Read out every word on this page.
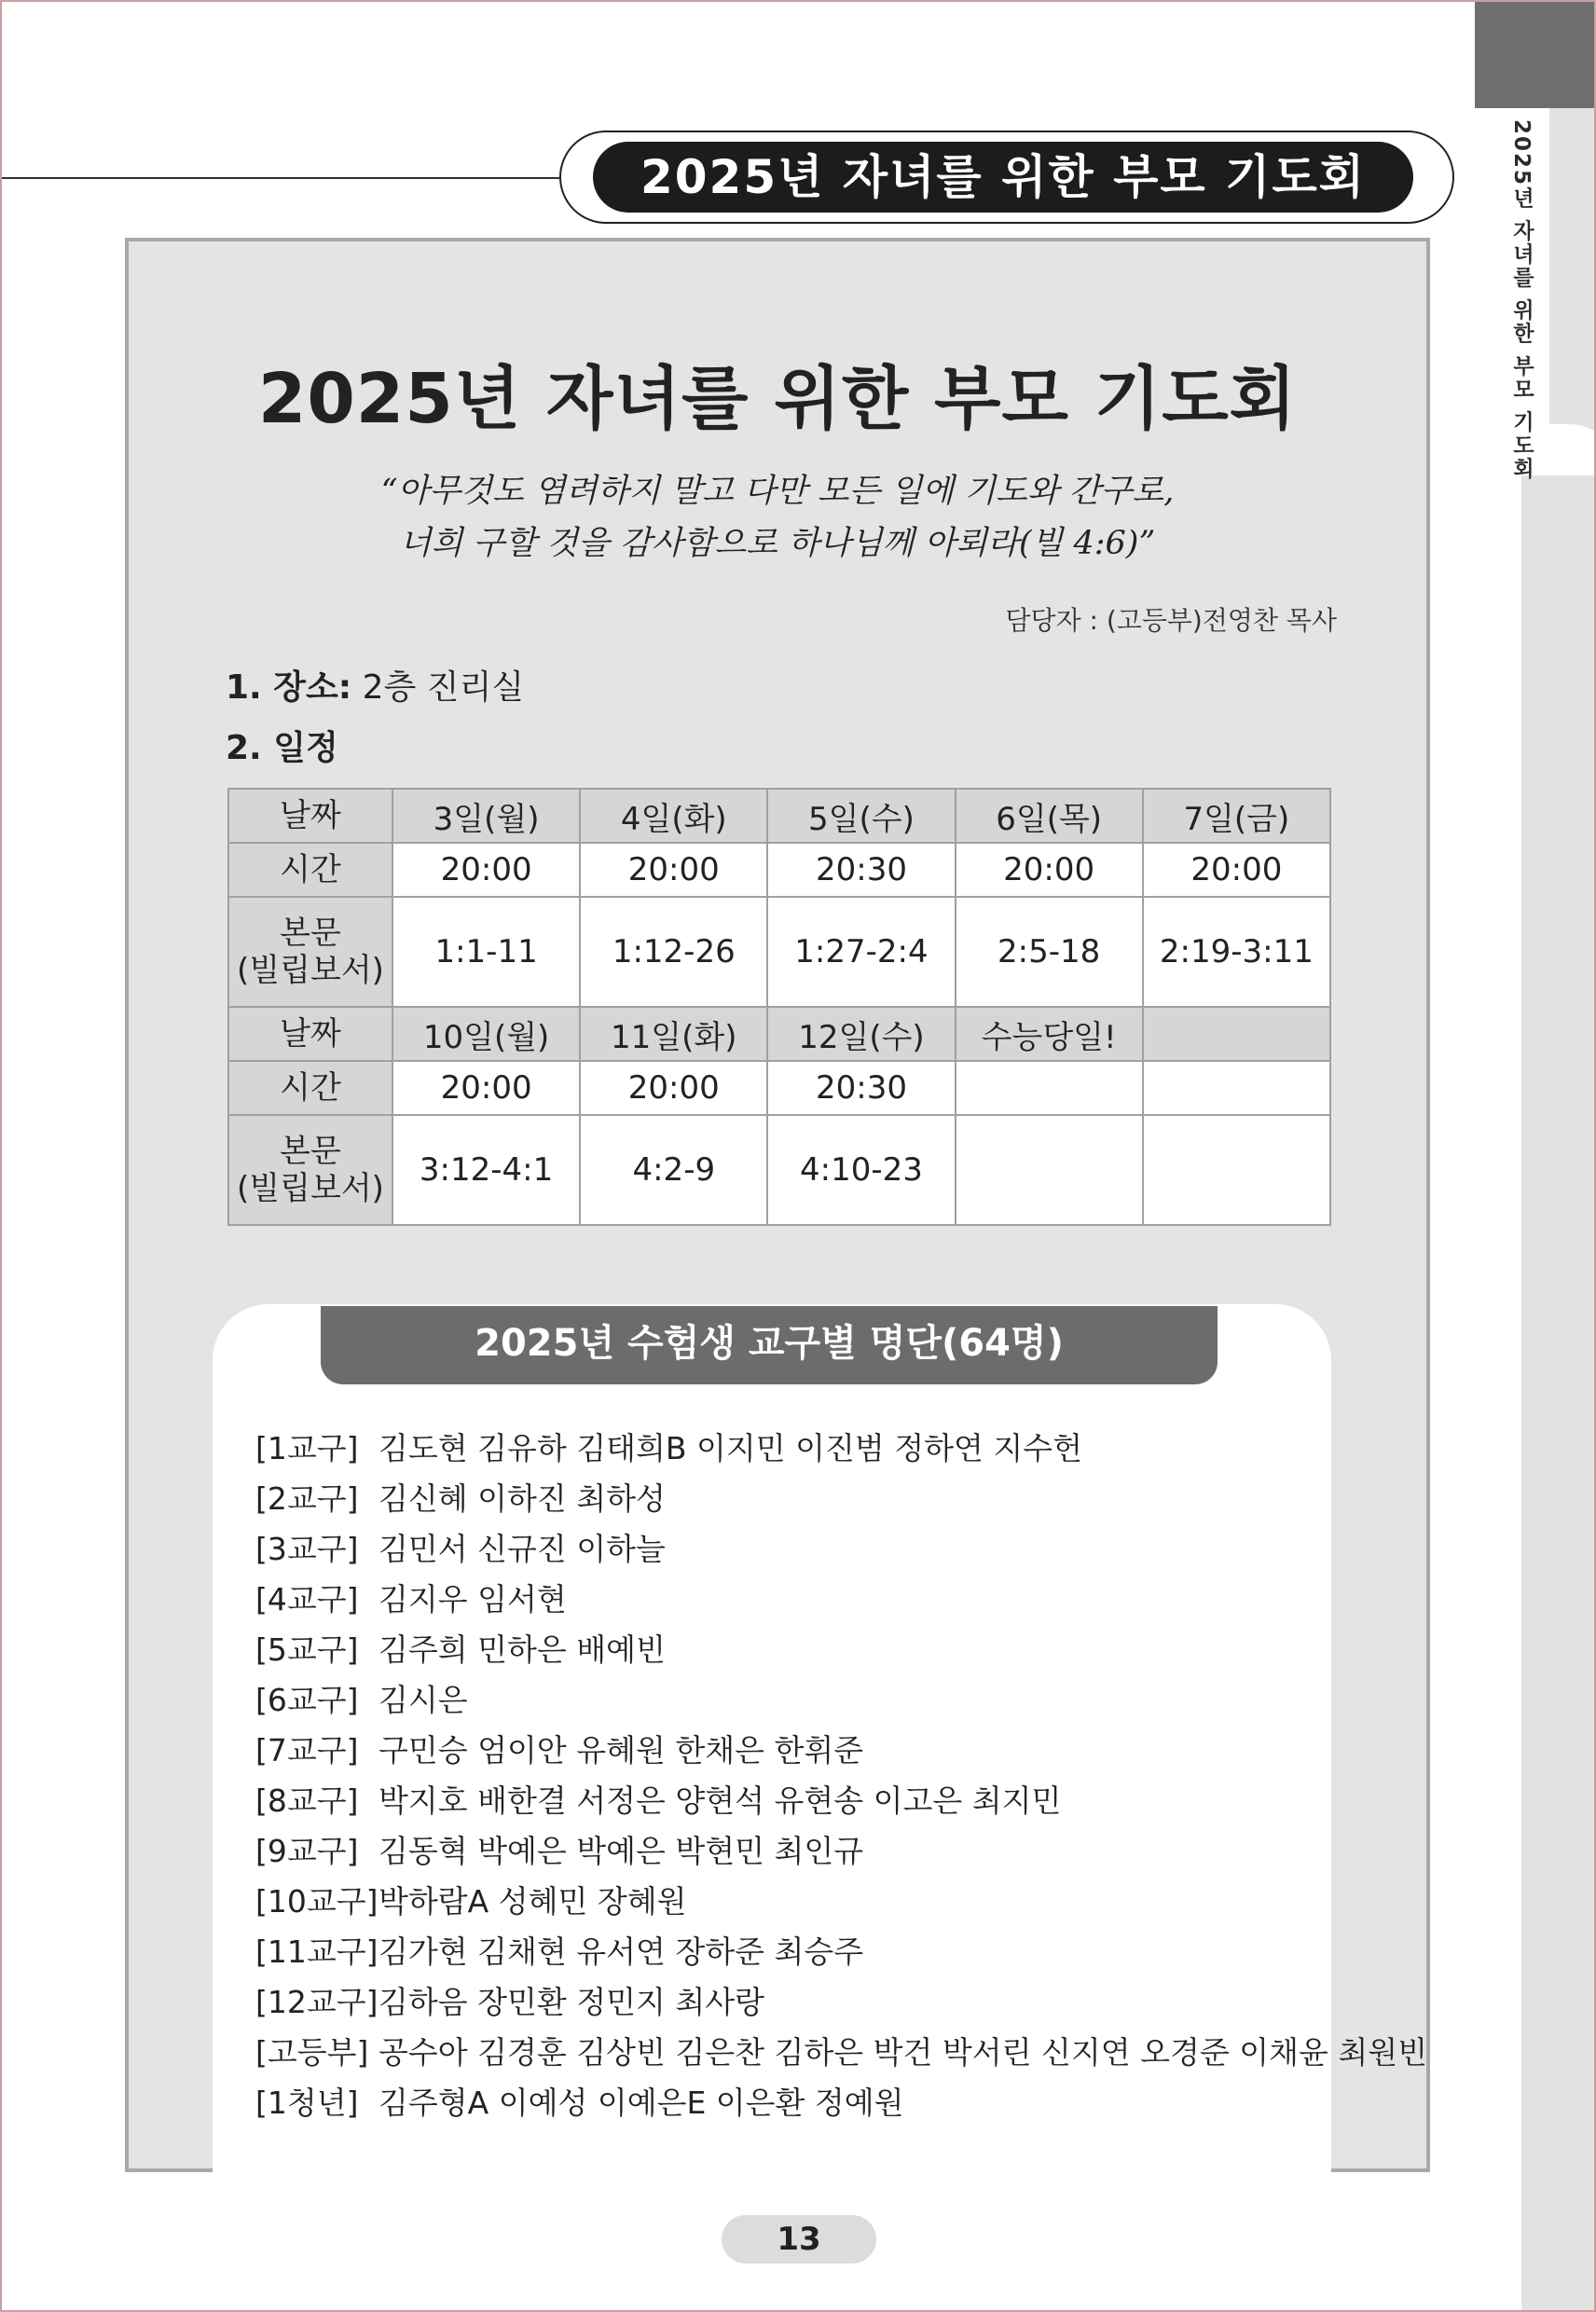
2025년 자녀를 위한 부모 기도회
2025년 자녀를 위한 부모 기도회
2025년 자녀를 위한 부모 기도회
“아무것도 염려하지 말고 다만 모든 일에 기도와 간구로,
너희 구할 것을 감사함으로 하나님께 아뢰라(빌 4:6)”
담당자 : (고등부)전영찬 목사
1. 장소: 2층 진리실
2. 일정
날짜	3일(월)	4일(화)	5일(수)	6일(목)	7일(금)
시간	20:00	20:00	20:30	20:00	20:00

본문
(빌립보서)	1:1-11	1:12-26	1:27-2:4	2:5-18	2:19-3:11
날짜	10일(월)	11일(화)	12일(수)	수능당일!	
시간	20:00	20:00	20:30		

본문
(빌립보서)	3:12-4:1	4:2-9	4:10-23		
2025년 수험생 교구별 명단(64명)
[1교구] 김도현 김유하 김태희B 이지민 이진범 정하연 지수헌
[2교구] 김신혜 이하진 최하성
[3교구] 김민서 신규진 이하늘
[4교구] 김지우 임서현
[5교구] 김주희 민하은 배예빈
[6교구] 김시은
[7교구] 구민승 엄이안 유혜원 한채은 한휘준
[8교구] 박지호 배한결 서정은 양현석 유현송 이고은 최지민
[9교구] 김동혁 박예은 박예은 박현민 최인규
[10교구]박하람A 성혜민 장혜원
[11교구]김가현 김채현 유서연 장하준 최승주
[12교구]김하음 장민환 정민지 최사랑
[고등부] 공수아 김경훈 김상빈 김은찬 김하은 박건 박서린 신지연 오경준 이채윤 최원빈
[1청년] 김주형A 이예성 이예은E 이은환 정예원
13
